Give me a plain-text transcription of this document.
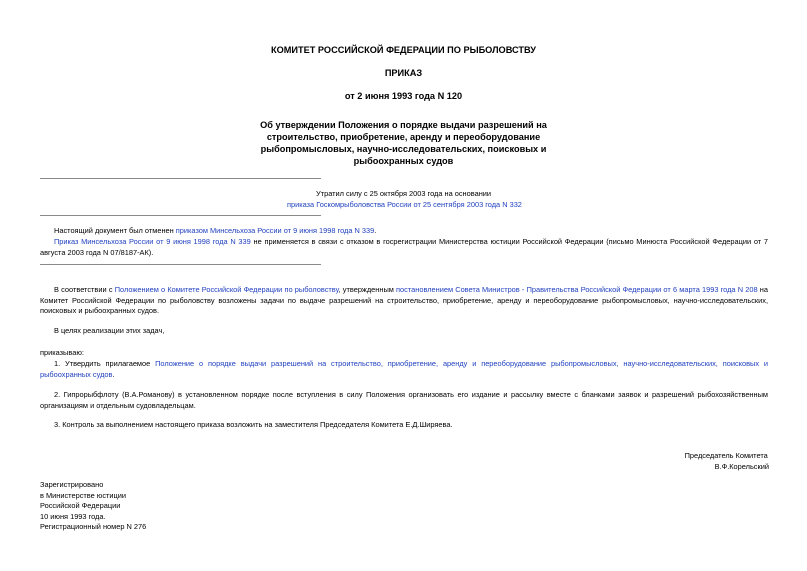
КОМИТЕТ РОССИЙСКОЙ ФЕДЕРАЦИИ ПО РЫБОЛОВСТВУ
ПРИКАЗ
от 2 июня 1993 года N 120
Об утверждении Положения о порядке выдачи разрешений на
строительство, приобретение, аренду и переоборудование
рыбопромысловых, научно-исследовательских, поисковых и
рыбоохранных судов
Утратил силу с 25 октября 2003 года на основании
приказа Госкомрыболовства России от 25 сентября 2003 года N 332
Настоящий документ был отменен приказом Минсельхоза России от 9 июня 1998 года N 339.
Приказ Минсельхоза России от 9 июня 1998 года N 339 не применяется в связи с отказом в госрегистрации Министерства юстиции Российской Федерации (письмо Минюста Российской Федерации от 7 августа 2003 года N 07/8187-АК).
В соответствии с Положением о Комитете Российской Федерации по рыболовству, утвержденным постановлением Совета Министров - Правительства Российской Федерации от 6 марта 1993 года N 208 на Комитет Российской Федерации по рыболовству возложены задачи по выдаче разрешений на строительство, приобретение, аренду и переоборудование рыбопромысловых, научно-исследовательских, поисковых и рыбоохранных судов.
В целях реализации этих задач,
приказываю:
1. Утвердить прилагаемое Положение о порядке выдачи разрешений на строительство, приобретение, аренду и переоборудование рыбопромысловых, научно-исследовательских, поисковых и рыбоохранных судов.
2. Гипрорыбфлоту (В.А.Романову) в установленном порядке после вступления в силу Положения организовать его издание и рассылку вместе с бланками заявок и разрешений рыбохозяйственным организациям и отдельным судовладельцам.
3. Контроль за выполнением настоящего приказа возложить на заместителя Председателя Комитета Е.Д.Ширяева.
Председатель Комитета
В.Ф.Корельский
Зарегистрировано
в Министерстве юстиции
Российской Федерации
10 июня 1993 года.
Регистрационный номер N 276
